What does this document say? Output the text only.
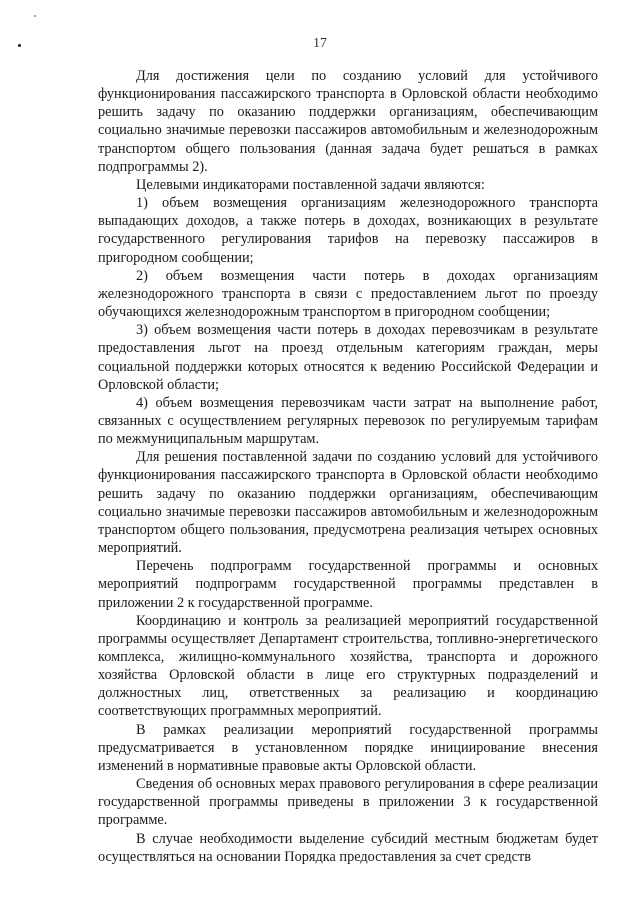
17

Для достижения цели по созданию условий для устойчивого функционирования пассажирского транспорта в Орловской области необходимо решить задачу по оказанию поддержки организациям, обеспечивающим социально значимые перевозки пассажиров автомобильным и железнодорожным транспортом общего пользования (данная задача будет решаться в рамках подпрограммы 2).

Целевыми индикаторами поставленной задачи являются:

1) объем возмещения организациям железнодорожного транспорта выпадающих доходов, а также потерь в доходах, возникающих в результате государственного регулирования тарифов на перевозку пассажиров в пригородном сообщении;

2) объем возмещения части потерь в доходах организациям железнодорожного транспорта в связи с предоставлением льгот по проезду обучающихся железнодорожным транспортом в пригородном сообщении;

3) объем возмещения части потерь в доходах перевозчикам в результате предоставления льгот на проезд отдельным категориям граждан, меры социальной поддержки которых относятся к ведению Российской Федерации и Орловской области;

4) объем возмещения перевозчикам части затрат на выполнение работ, связанных с осуществлением регулярных перевозок по регулируемым тарифам по межмуниципальным маршрутам.

Для решения поставленной задачи по созданию условий для устойчивого функционирования пассажирского транспорта в Орловской области необходимо решить задачу по оказанию поддержки организациям, обеспечивающим социально значимые перевозки пассажиров автомобильным и железнодорожным транспортом общего пользования, предусмотрена реализация четырех основных мероприятий.

Перечень подпрограмм государственной программы и основных мероприятий подпрограмм государственной программы представлен в приложении 2 к государственной программе.

Координацию и контроль за реализацией мероприятий государственной программы осуществляет Департамент строительства, топливно-энергетического комплекса, жилищно-коммунального хозяйства, транспорта и дорожного хозяйства Орловской области в лице его структурных подразделений и должностных лиц, ответственных за реализацию и координацию соответствующих программных мероприятий.

В рамках реализации мероприятий государственной программы предусматривается в установленном порядке инициирование внесения изменений в нормативные правовые акты Орловской области.

Сведения об основных мерах правового регулирования в сфере реализации государственной программы приведены в приложении 3 к государственной программе.

В случае необходимости выделение субсидий местным бюджетам будет осуществляться на основании Порядка предоставления за счет средств
